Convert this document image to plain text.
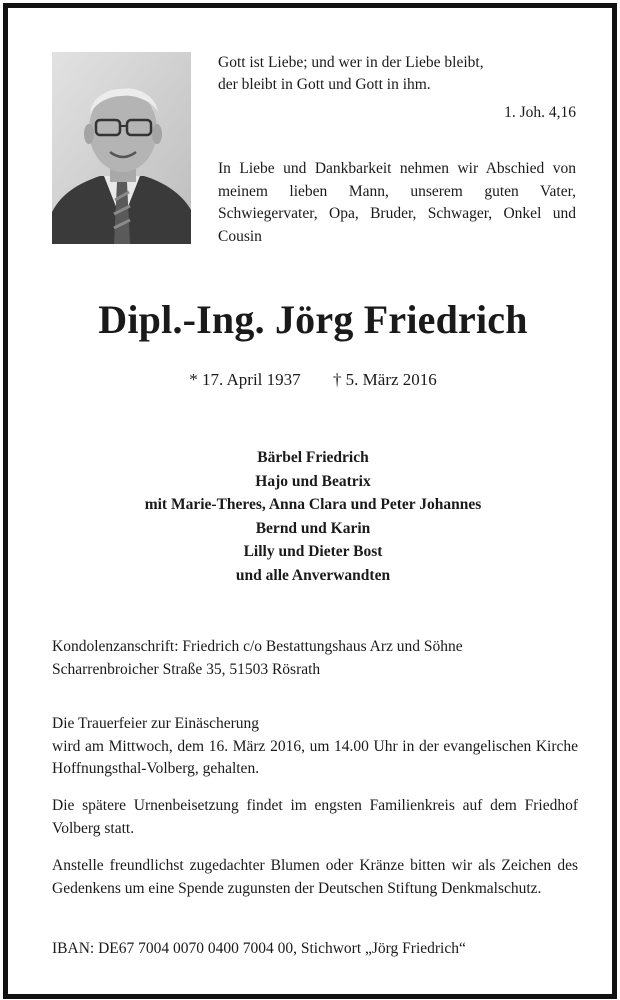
Gott ist Liebe; und wer in der Liebe bleibt,

der bleibt in Gott und Gott in ihm.

1. Joh. 4,16

In Liebe und Dankbarkeit nehmen wir Abschied von meinem lieben Mann, unserem guten Vater, Schwiegervater, Opa, Bruder, Schwager, Onkel und Cousin

Dipl.-Ing. Jörg Friedrich
* 17. April 1937 † 5. März 2016
Bärbel Friedrich
Hajo und Beatrix
mit Marie-Theres, Anna Clara und Peter Johannes
Bernd und Karin
Lilly und Dieter Bost
und alle Anverwandten

Kondolenzanschrift: Friedrich c/o Bestattungshaus Arz und Söhne

Scharrenbroicher Straße 35, 51503 Rösrath

Die Trauerfeier zur Einäscherung

wird am Mittwoch, dem 16. März 2016, um 14.00 Uhr in der evangelischen Kirche Hoffnungsthal-Volberg, gehalten.

Die spätere Urnenbeisetzung findet im engsten Familienkreis auf dem Friedhof Volberg statt.

Anstelle freundlichst zugedachter Blumen oder Kränze bitten wir als Zeichen des Gedenkens um eine Spende zugunsten der Deutschen Stiftung Denkmalschutz.

IBAN: DE67 7004 0070 0400 7004 00, Stichwort „Jörg Friedrich“
